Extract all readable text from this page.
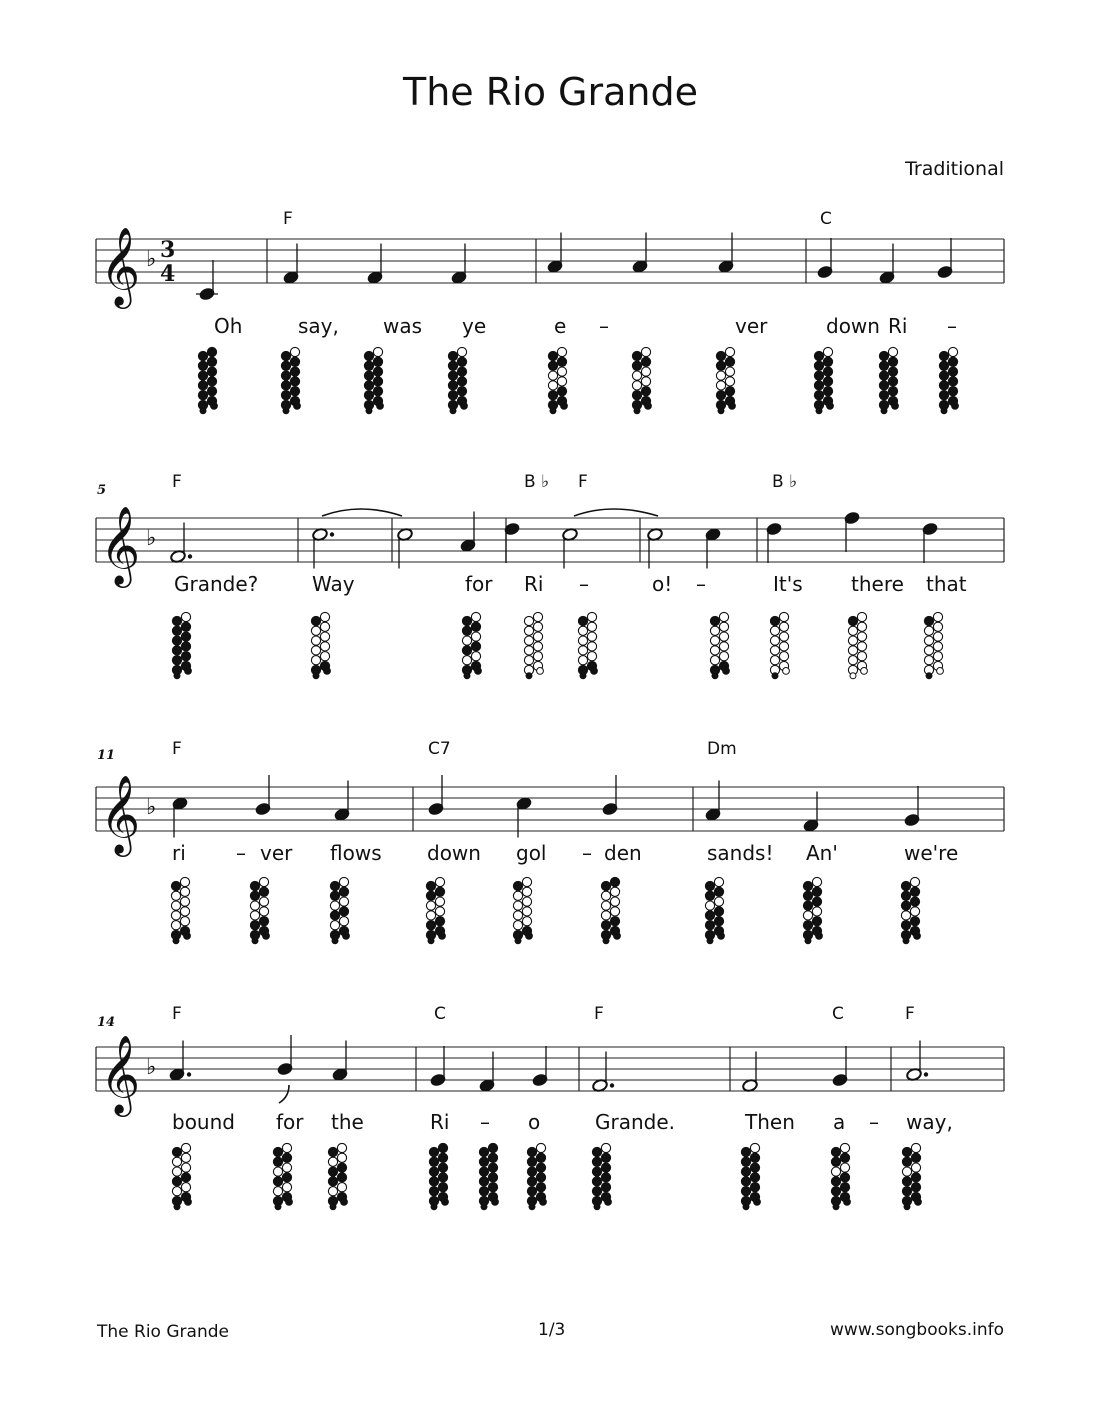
The Rio Grande
Traditional
The Rio Grande	1/3	www.songbooks.info
𝄞 ♭ 3
4
F	C
Oh	say, was ye	e –	ver	down Ri –
𝄞 ♭
5	F	B ♭ F	B ♭
Grande?	Way	for Ri –	o! –	It's there that
𝄞 ♭
11	F	C7	Dm
ri	– ver flows down gol – den	sands! An'	we're
𝄞 ♭
14	F	C	F	C	F
bound for the	Ri – o	Grande.	Then a – way,
